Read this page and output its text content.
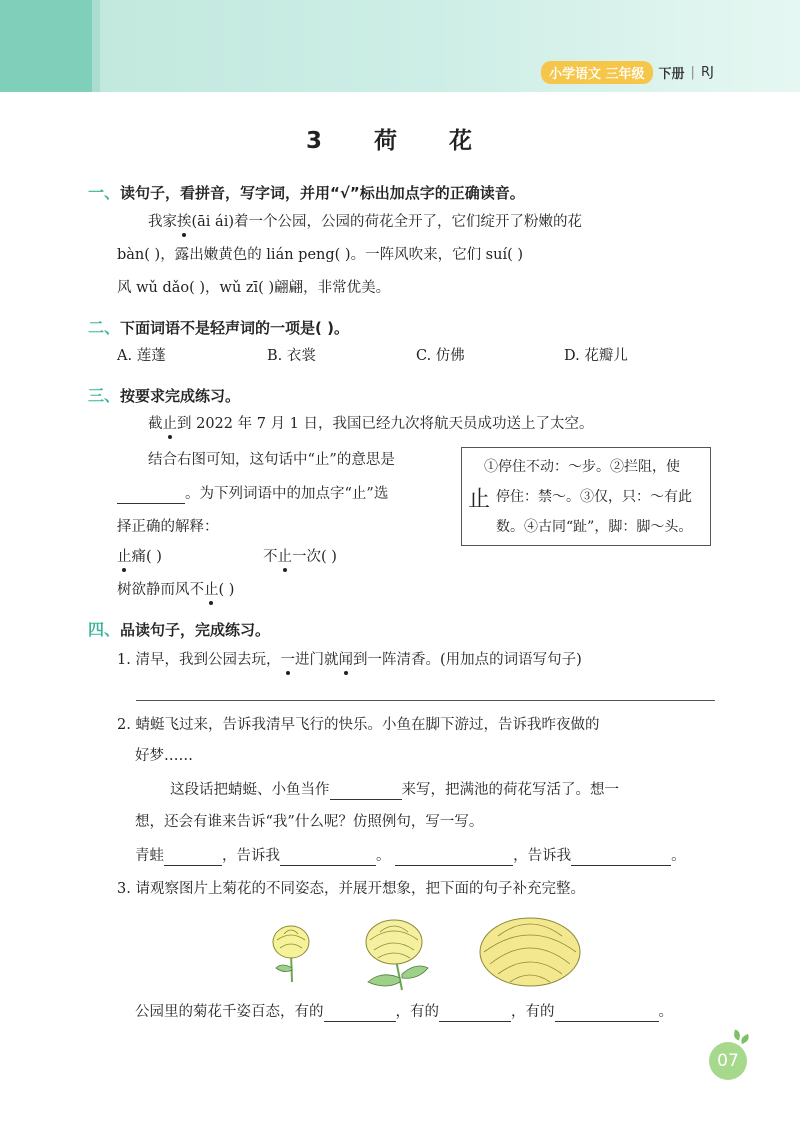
小学语文 三年级	下册 | RJ
3 荷 花
一、读句子，看拼音，写字词，并用“√”标出加点字的正确读音。
我家挨(āi ái)着一个公园，公园的荷花全开了，它们绽开了粉嫩的花
bàn( )，露出嫩黄色的 lián peng( )。一阵风吹来，它们 suí( )
风 wǔ dǎo( )，wǔ zī( )翩翩，非常优美。
二、下面词语不是轻声词的一项是( )。
A. 莲蓬	B. 衣裳	C. 仿佛	D. 花瓣儿
三、按要求完成练习。
截止到 2022 年 7 月 1 日，我国已经九次将航天员成功送上了太空。
结合右图可知，这句话中“止”的意思是
。为下列词语中的加点字“止”选
择正确的解释：
止痛( )	不止一次( )
树欲静而风不止( )
止
①停住不动：～步。②拦阻，使
停住：禁～。③仅，只：～有此
数。④古同“趾”，脚：脚～头。
四、品读句子，完成练习。
1. 清早，我到公园去玩，一进门就闻到一阵清香。(用加点的词语写句子)
2. 蜻蜓飞过来，告诉我清早飞行的快乐。小鱼在脚下游过，告诉我昨夜做的
好梦……
这段话把蜻蜓、小鱼当作	来写，把满池的荷花写活了。想一
想，还会有谁来告诉“我”什么呢？仿照例句，写一写。
青蛙	，告诉我	。	，告诉我	。
3. 请观察图片上菊花的不同姿态，并展开想象，把下面的句子补充完整。
公园里的菊花千姿百态，有的	，有的	，有的	。
07
